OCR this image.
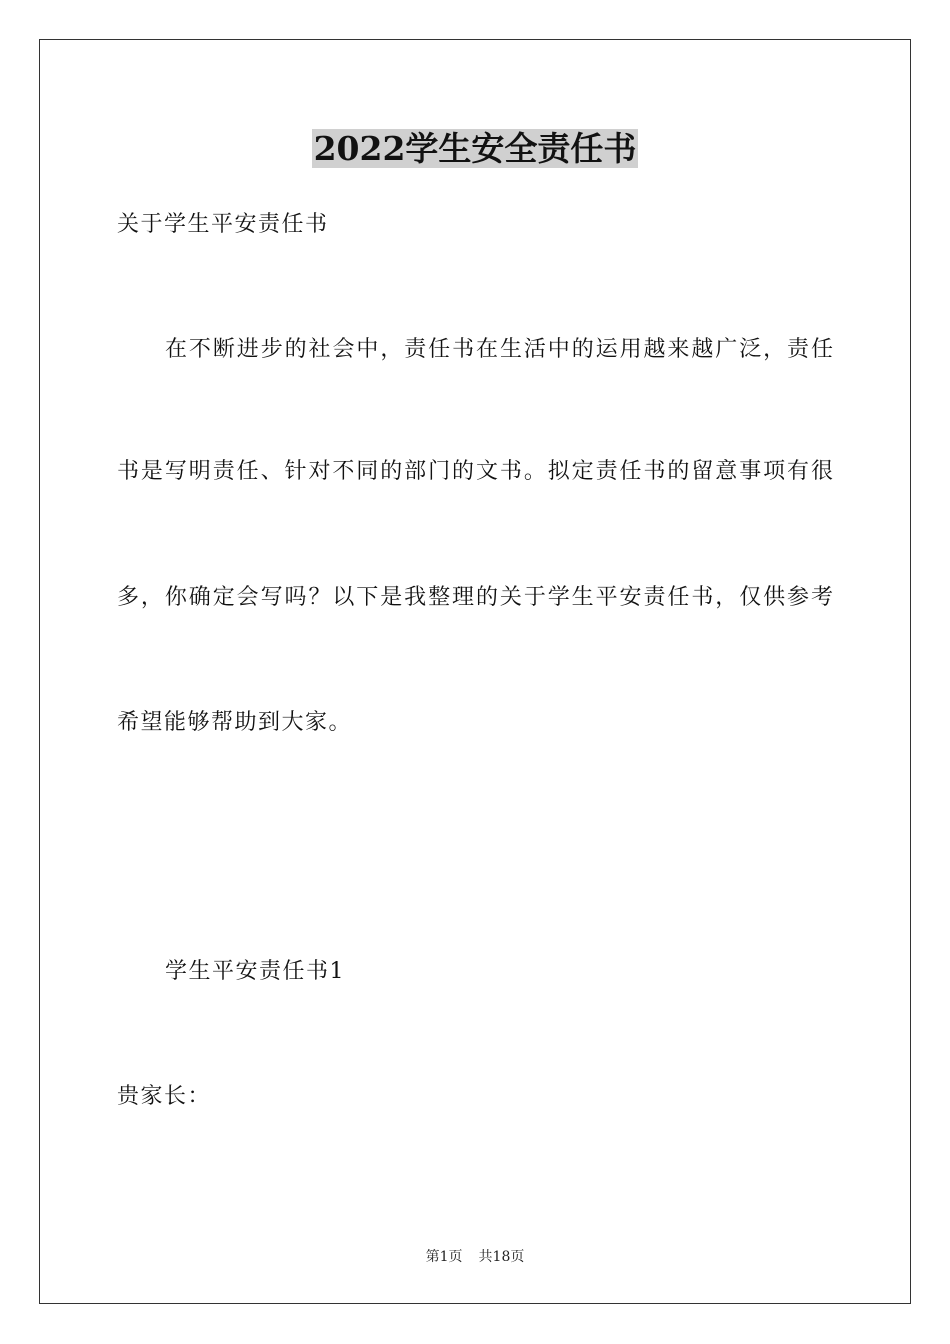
2022学生安全责任书
关于学生平安责任书
在不断进步的社会中，责任书在生活中的运用越来越广泛，责任
书是写明责任、针对不同的部门的文书。拟定责任书的留意事项有很
多，你确定会写吗？以下是我整理的关于学生平安责任书，仅供参考
希望能够帮助到大家。
学生平安责任书1
贵家长：
第1页 共18页
